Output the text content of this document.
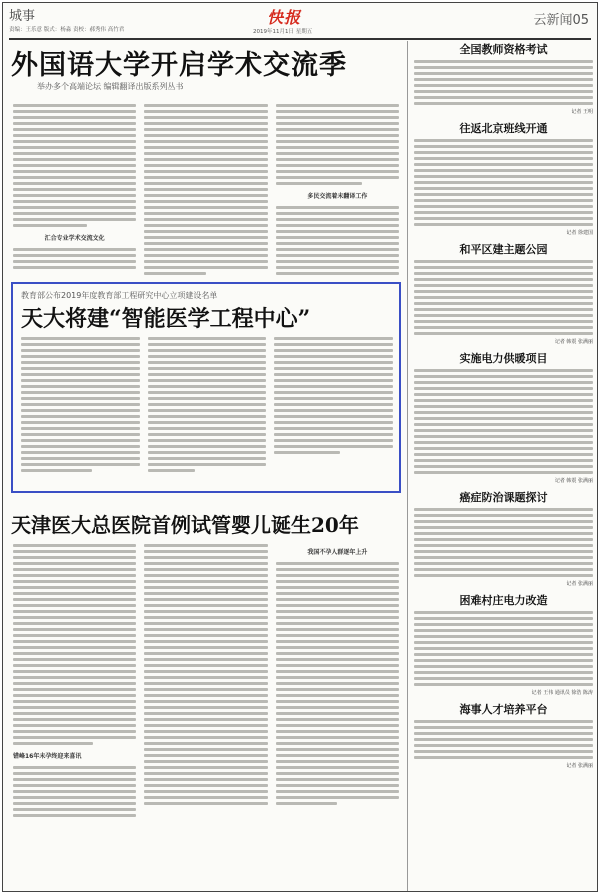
城事
责编：王乐意 版式：杨淼 责校：郝秀伟 高竹君
快报
2019年11月1日 星期五
云新闻05
外国语大学开启学术交流季
举办多个高端论坛 编辑翻译出版系列丛书
汇合专业学术交流文化
多民交流着未翻译工作
教育部公布2019年度教育部工程研究中心立项建设名单
天大将建“智能医学工程中心”
天津医大总医院首例试管婴儿诞生20年
错峰16年未孕终迎来喜讯
我国不孕人群逐年上升
全国教师资格考试
记者 王明
往返北京班线开通
记者 徐建国
和平区建主题公园
记者 韩震 张满丽
实施电力供暖项目
记者 韩震 张满丽
癌症防治课题探讨
记者 张满丽
困难村庄电力改造
记者 王伟 通讯员 徐浩 陈涛
海事人才培养平台
记者 张满丽
